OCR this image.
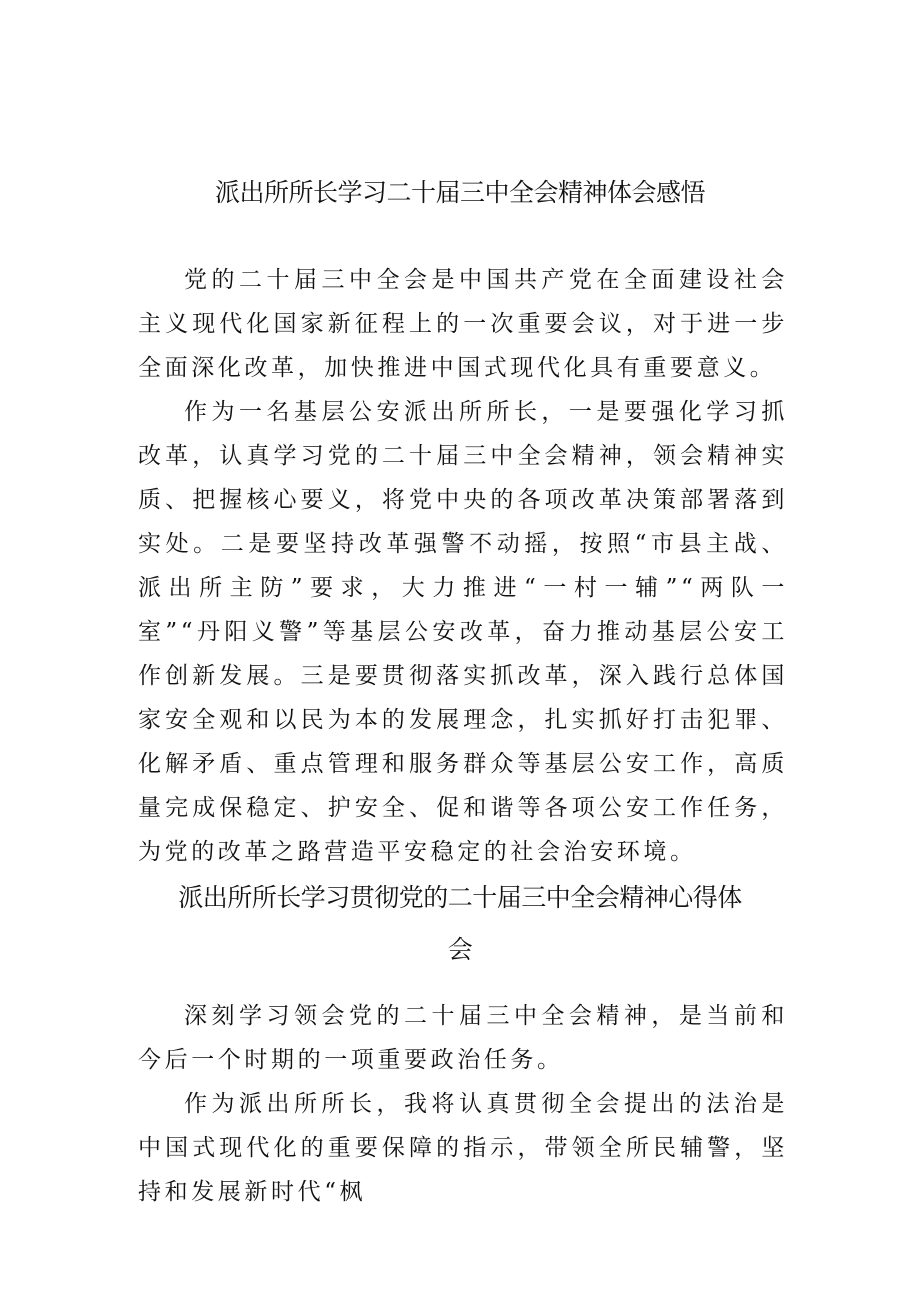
派出所所长学习二十届三中全会精神体会感悟

党的二十届三中全会是中国共产党在全面建设社会主义现代化国家新征程上的一次重要会议，对于进一步全面深化改革，加快推进中国式现代化具有重要意义。

作为一名基层公安派出所所长，一是要强化学习抓改革，认真学习党的二十届三中全会精神，领会精神实质、把握核心要义，将党中央的各项改革决策部署落到实处。二是要坚持改革强警不动摇，按照“市县主战、派出所主防”要求，大力推进“一村一辅”“两队一室”“丹阳义警”等基层公安改革，奋力推动基层公安工作创新发展。三是要贯彻落实抓改革，深入践行总体国家安全观和以民为本的发展理念，扎实抓好打击犯罪、化解矛盾、重点管理和服务群众等基层公安工作，高质量完成保稳定、护安全、促和谐等各项公安工作任务，为党的改革之路营造平安稳定的社会治安环境。

派出所所长学习贯彻党的二十届三中全会精神心得体
会

深刻学习领会党的二十届三中全会精神，是当前和今后一个时期的一项重要政治任务。

作为派出所所长，我将认真贯彻全会提出的法治是中国式现代化的重要保障的指示，带领全所民辅警，坚持和发展新时代“枫
